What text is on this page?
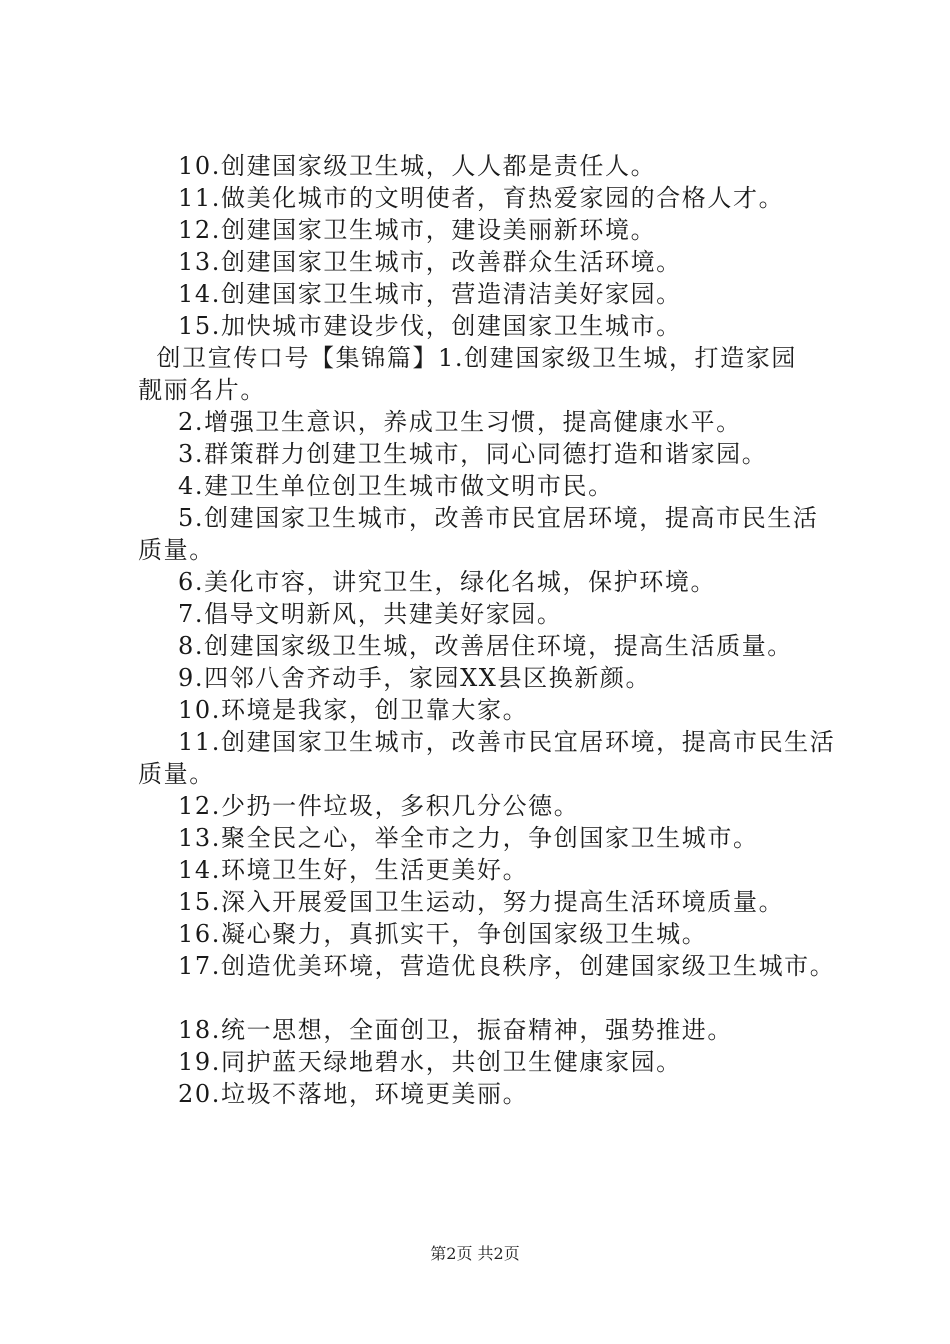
10.创建国家级卫生城，人人都是责任人。
11.做美化城市的文明使者，育热爱家园的合格人才。
12.创建国家卫生城市，建设美丽新环境。
13.创建国家卫生城市，改善群众生活环境。
14.创建国家卫生城市，营造清洁美好家园。
15.加快城市建设步伐，创建国家卫生城市。
创卫宣传口号【集锦篇】1.创建国家级卫生城，打造家园
靓丽名片。
2.增强卫生意识，养成卫生习惯，提高健康水平。
3.群策群力创建卫生城市，同心同德打造和谐家园。
4.建卫生单位创卫生城市做文明市民。
5.创建国家卫生城市，改善市民宜居环境，提高市民生活
质量。
6.美化市容，讲究卫生，绿化名城，保护环境。
7.倡导文明新风，共建美好家园。
8.创建国家级卫生城，改善居住环境，提高生活质量。
9.四邻八舍齐动手，家园XX县区换新颜。
10.环境是我家，创卫靠大家。
11.创建国家卫生城市，改善市民宜居环境，提高市民生活
质量。
12.少扔一件垃圾，多积几分公德。
13.聚全民之心，举全市之力，争创国家卫生城市。
14.环境卫生好，生活更美好。
15.深入开展爱国卫生运动，努力提高生活环境质量。
16.凝心聚力，真抓实干，争创国家级卫生城。
17.创造优美环境，营造优良秩序，创建国家级卫生城市。
18.统一思想，全面创卫，振奋精神，强势推进。
19.同护蓝天绿地碧水，共创卫生健康家园。
20.垃圾不落地，环境更美丽。
第2页 共2页
